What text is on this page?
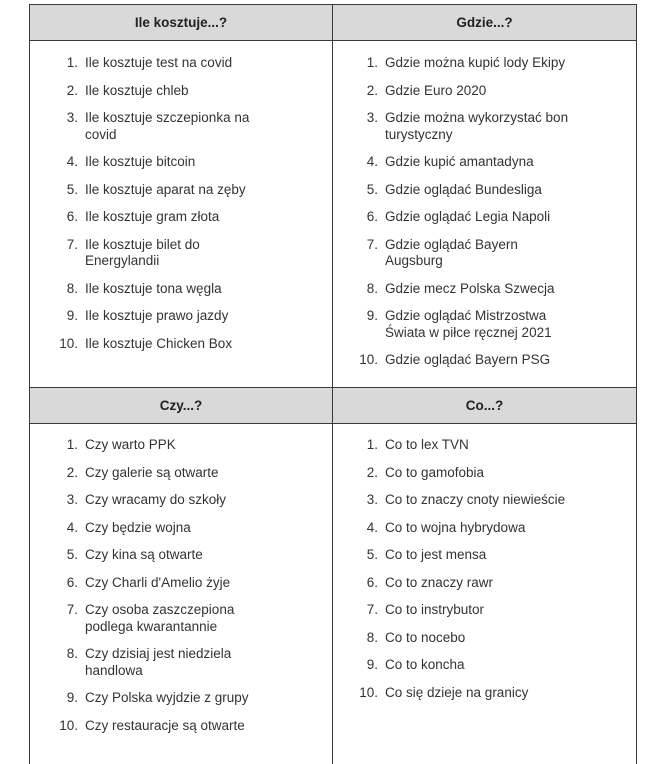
Ile kosztuje...?	Gdzie...?
Czy...?	Co...?
1. Ile kosztuje test na covid
2. Ile kosztuje chleb
3. Ile kosztuje szczepionka na covid
4. Ile kosztuje bitcoin
5. Ile kosztuje aparat na zęby
6. Ile kosztuje gram złota
7. Ile kosztuje bilet do Energylandii
8. Ile kosztuje tona węgla
9. Ile kosztuje prawo jazdy
10. Ile kosztuje Chicken Box
1. Gdzie można kupić lody Ekipy
2. Gdzie Euro 2020
3. Gdzie można wykorzystać bon turystyczny
4. Gdzie kupić amantadyna
5. Gdzie oglądać Bundesliga
6. Gdzie oglądać Legia Napoli
7. Gdzie oglądać Bayern Augsburg
8. Gdzie mecz Polska Szwecja
9. Gdzie oglądać Mistrzostwa Świata w piłce ręcznej 2021
10. Gdzie oglądać Bayern PSG
1. Czy warto PPK
2. Czy galerie są otwarte
3. Czy wracamy do szkoły
4. Czy będzie wojna
5. Czy kina są otwarte
6. Czy Charli d'Amelio żyje
7. Czy osoba zaszczepiona podlega kwarantannie
8. Czy dzisiaj jest niedziela handlowa
9. Czy Polska wyjdzie z grupy
10. Czy restauracje są otwarte
1. Co to lex TVN
2. Co to gamofobia
3. Co to znaczy cnoty niewieście
4. Co to wojna hybrydowa
5. Co to jest mensa
6. Co to znaczy rawr
7. Co to instrybutor
8. Co to nocebo
9. Co to koncha
10. Co się dzieje na granicy
